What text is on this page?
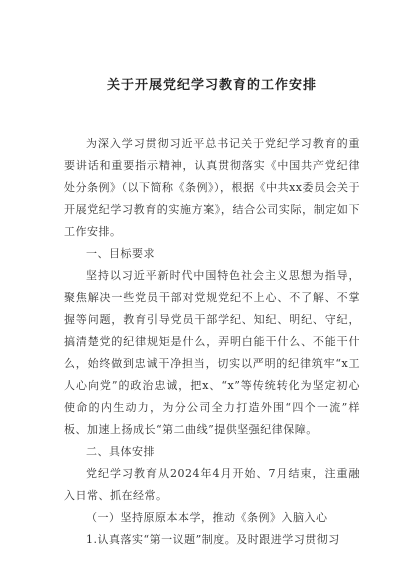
关于开展党纪学习教育的工作安排

为深入学习贯彻习近平总书记关于党纪学习教育的重要讲话和重要指示精神，认真贯彻落实《中国共产党纪律处分条例》（以下简称《条例》），根据《中共xx委员会关于开展党纪学习教育的实施方案》，结合公司实际，制定如下工作安排。

一、目标要求

坚持以习近平新时代中国特色社会主义思想为指导，聚焦解决一些党员干部对党规党纪不上心、不了解、不掌握等问题，教育引导党员干部学纪、知纪、明纪、守纪，搞清楚党的纪律规矩是什么，弄明白能干什么、不能干什么，始终做到忠诚干净担当，切实以严明的纪律筑牢“x工人心向党”的政治忠诚，把x、“x”等传统转化为坚定初心使命的内生动力，为分公司全力打造外围“四个一流”样板、加速上扬成长“第二曲线”提供坚强纪律保障。

二、具体安排

党纪学习教育从2024年4月开始、7月结束，注重融入日常、抓在经常。

（一）坚持原原本本学，推动《条例》入脑入心

1.认真落实“第一议题”制度。及时跟进学习贯彻习
